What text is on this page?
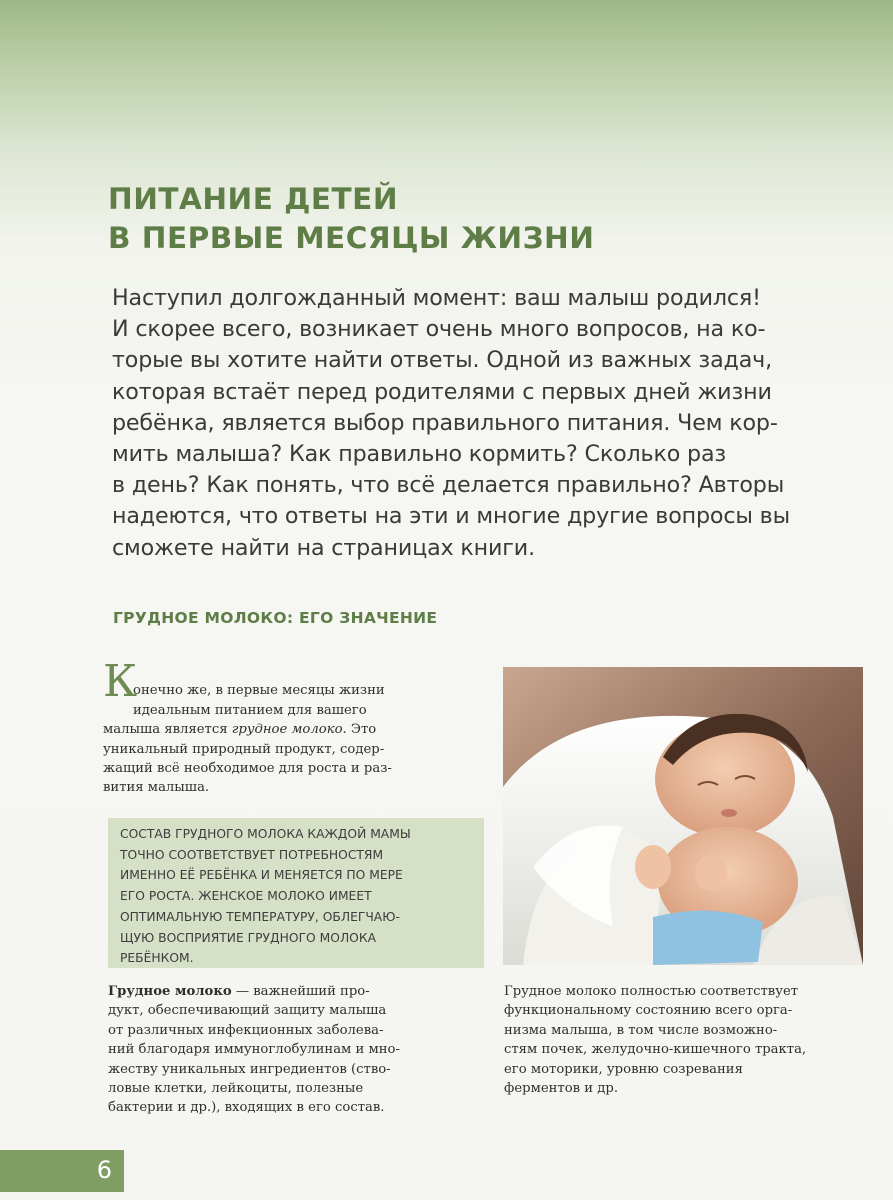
ПИТАНИЕ ДЕТЕЙ
В ПЕРВЫЕ МЕСЯЦЫ ЖИЗНИ

Наступил долгожданный момент: ваш малыш родился!
И скорее всего, возникает очень много вопросов, на ко-
торые вы хотите найти ответы. Одной из важных задач,
которая встаёт перед родителями с первых дней жизни
ребёнка, является выбор правильного питания. Чем кор-
мить малыша? Как правильно кормить? Сколько раз
в день? Как понять, что всё делается правильно? Авторы
надеются, что ответы на эти и многие другие вопросы вы
сможете найти на страницах книги.

ГРУДНОЕ МОЛОКО: ЕГО ЗНАЧЕНИЕ
К

онечно же, в первые месяцы жизни
идеальным питанием для вашего
малыша является грудное молоко. Это
уникальный природный продукт, содер-
жащий всё необходимое для роста и раз-
вития малыша.

СОСТАВ ГРУДНОГО МОЛОКА КАЖДОЙ МАМЫ
ТОЧНО СООТВЕТСТВУЕТ ПОТРЕБНОСТЯМ
ИМЕННО ЕЁ РЕБЁНКА И МЕНЯЕТСЯ ПО МЕРЕ
ЕГО РОСТА. ЖЕНСКОЕ МОЛОКО ИМЕЕТ
ОПТИМАЛЬНУЮ ТЕМПЕРАТУРУ, ОБЛЕГЧАЮ-
ЩУЮ ВОСПРИЯТИЕ ГРУДНОГО МОЛОКА
РЕБЁНКОМ.

Грудное молоко — важнейший про-
дукт, обеспечивающий защиту малыша
от различных инфекционных заболева-
ний благодаря иммуноглобулинам и мно-
жеству уникальных ингредиентов (ство-
ловые клетки, лейкоциты, полезные
бактерии и др.), входящих в его состав.

Грудное молоко полностью соответствует
функциональному состоянию всего орга-
низма малыша, в том числе возможно-
стям почек, желудочно-кишечного тракта,
его моторики, уровню созревания
ферментов и др.

6
